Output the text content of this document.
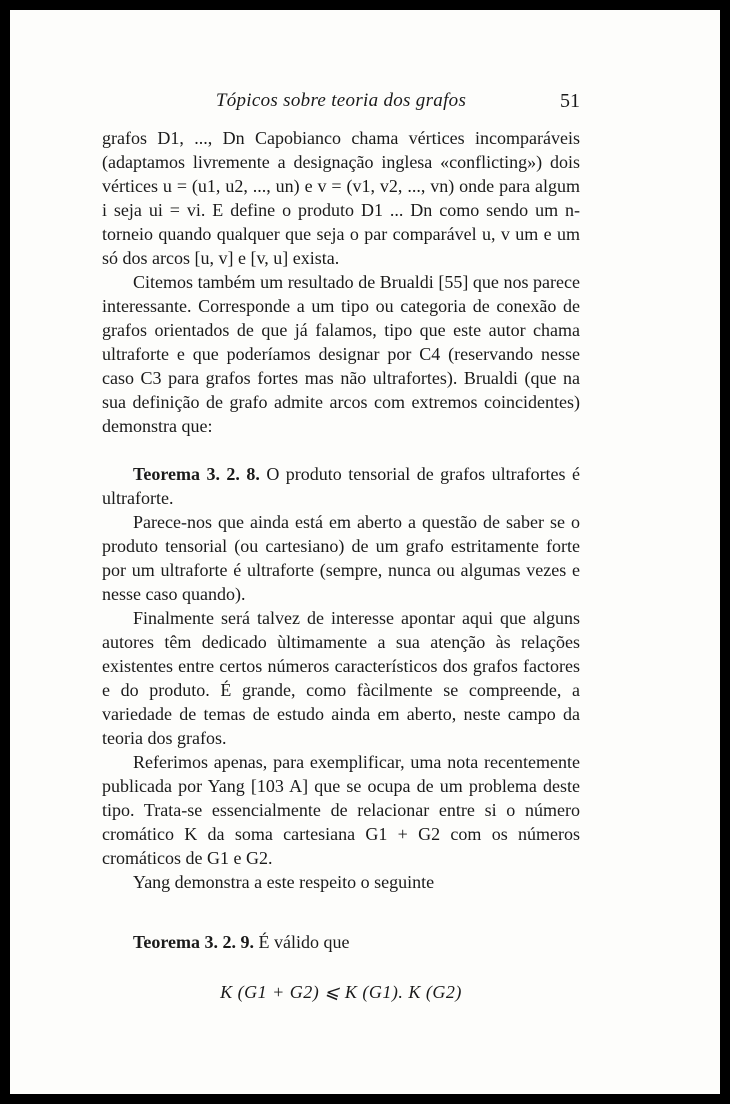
Tópicos sobre teoria dos grafos	51

grafos D1, ..., Dn Capobianco chama vértices incomparáveis (adaptamos livremente a designação inglesa «conflicting») dois vértices u = (u1, u2, ..., un) e v = (v1, v2, ..., vn) onde para algum i seja ui = vi. E define o produto D1 ... Dn como sendo um n-torneio quando qualquer que seja o par comparável u, v um e um só dos arcos [u, v] e [v, u] exista.

Citemos também um resultado de Brualdi [55] que nos parece interessante. Corresponde a um tipo ou categoria de conexão de grafos orientados de que já falamos, tipo que este autor chama ultraforte e que poderíamos designar por C4 (reservando nesse caso C3 para grafos fortes mas não ultrafortes). Brualdi (que na sua definição de grafo admite arcos com extremos coincidentes) demonstra que:

Teorema 3. 2. 8. O produto tensorial de grafos ultrafortes é ultraforte.

Parece-nos que ainda está em aberto a questão de saber se o produto tensorial (ou cartesiano) de um grafo estritamente forte por um ultraforte é ultraforte (sempre, nunca ou algumas vezes e nesse caso quando).

Finalmente será talvez de interesse apontar aqui que alguns autores têm dedicado ùltimamente a sua atenção às relações existentes entre certos números característicos dos grafos factores e do produto. É grande, como fàcilmente se compreende, a variedade de temas de estudo ainda em aberto, neste campo da teoria dos grafos.

Referimos apenas, para exemplificar, uma nota recentemente publicada por Yang [103 A] que se ocupa de um problema deste tipo. Trata-se essencialmente de relacionar entre si o número cromático K da soma cartesiana G1 + G2 com os números cromáticos de G1 e G2.

Yang demonstra a este respeito o seguinte

Teorema 3. 2. 9. É válido que

K (G1 + G2) ⩽ K (G1). K (G2)
